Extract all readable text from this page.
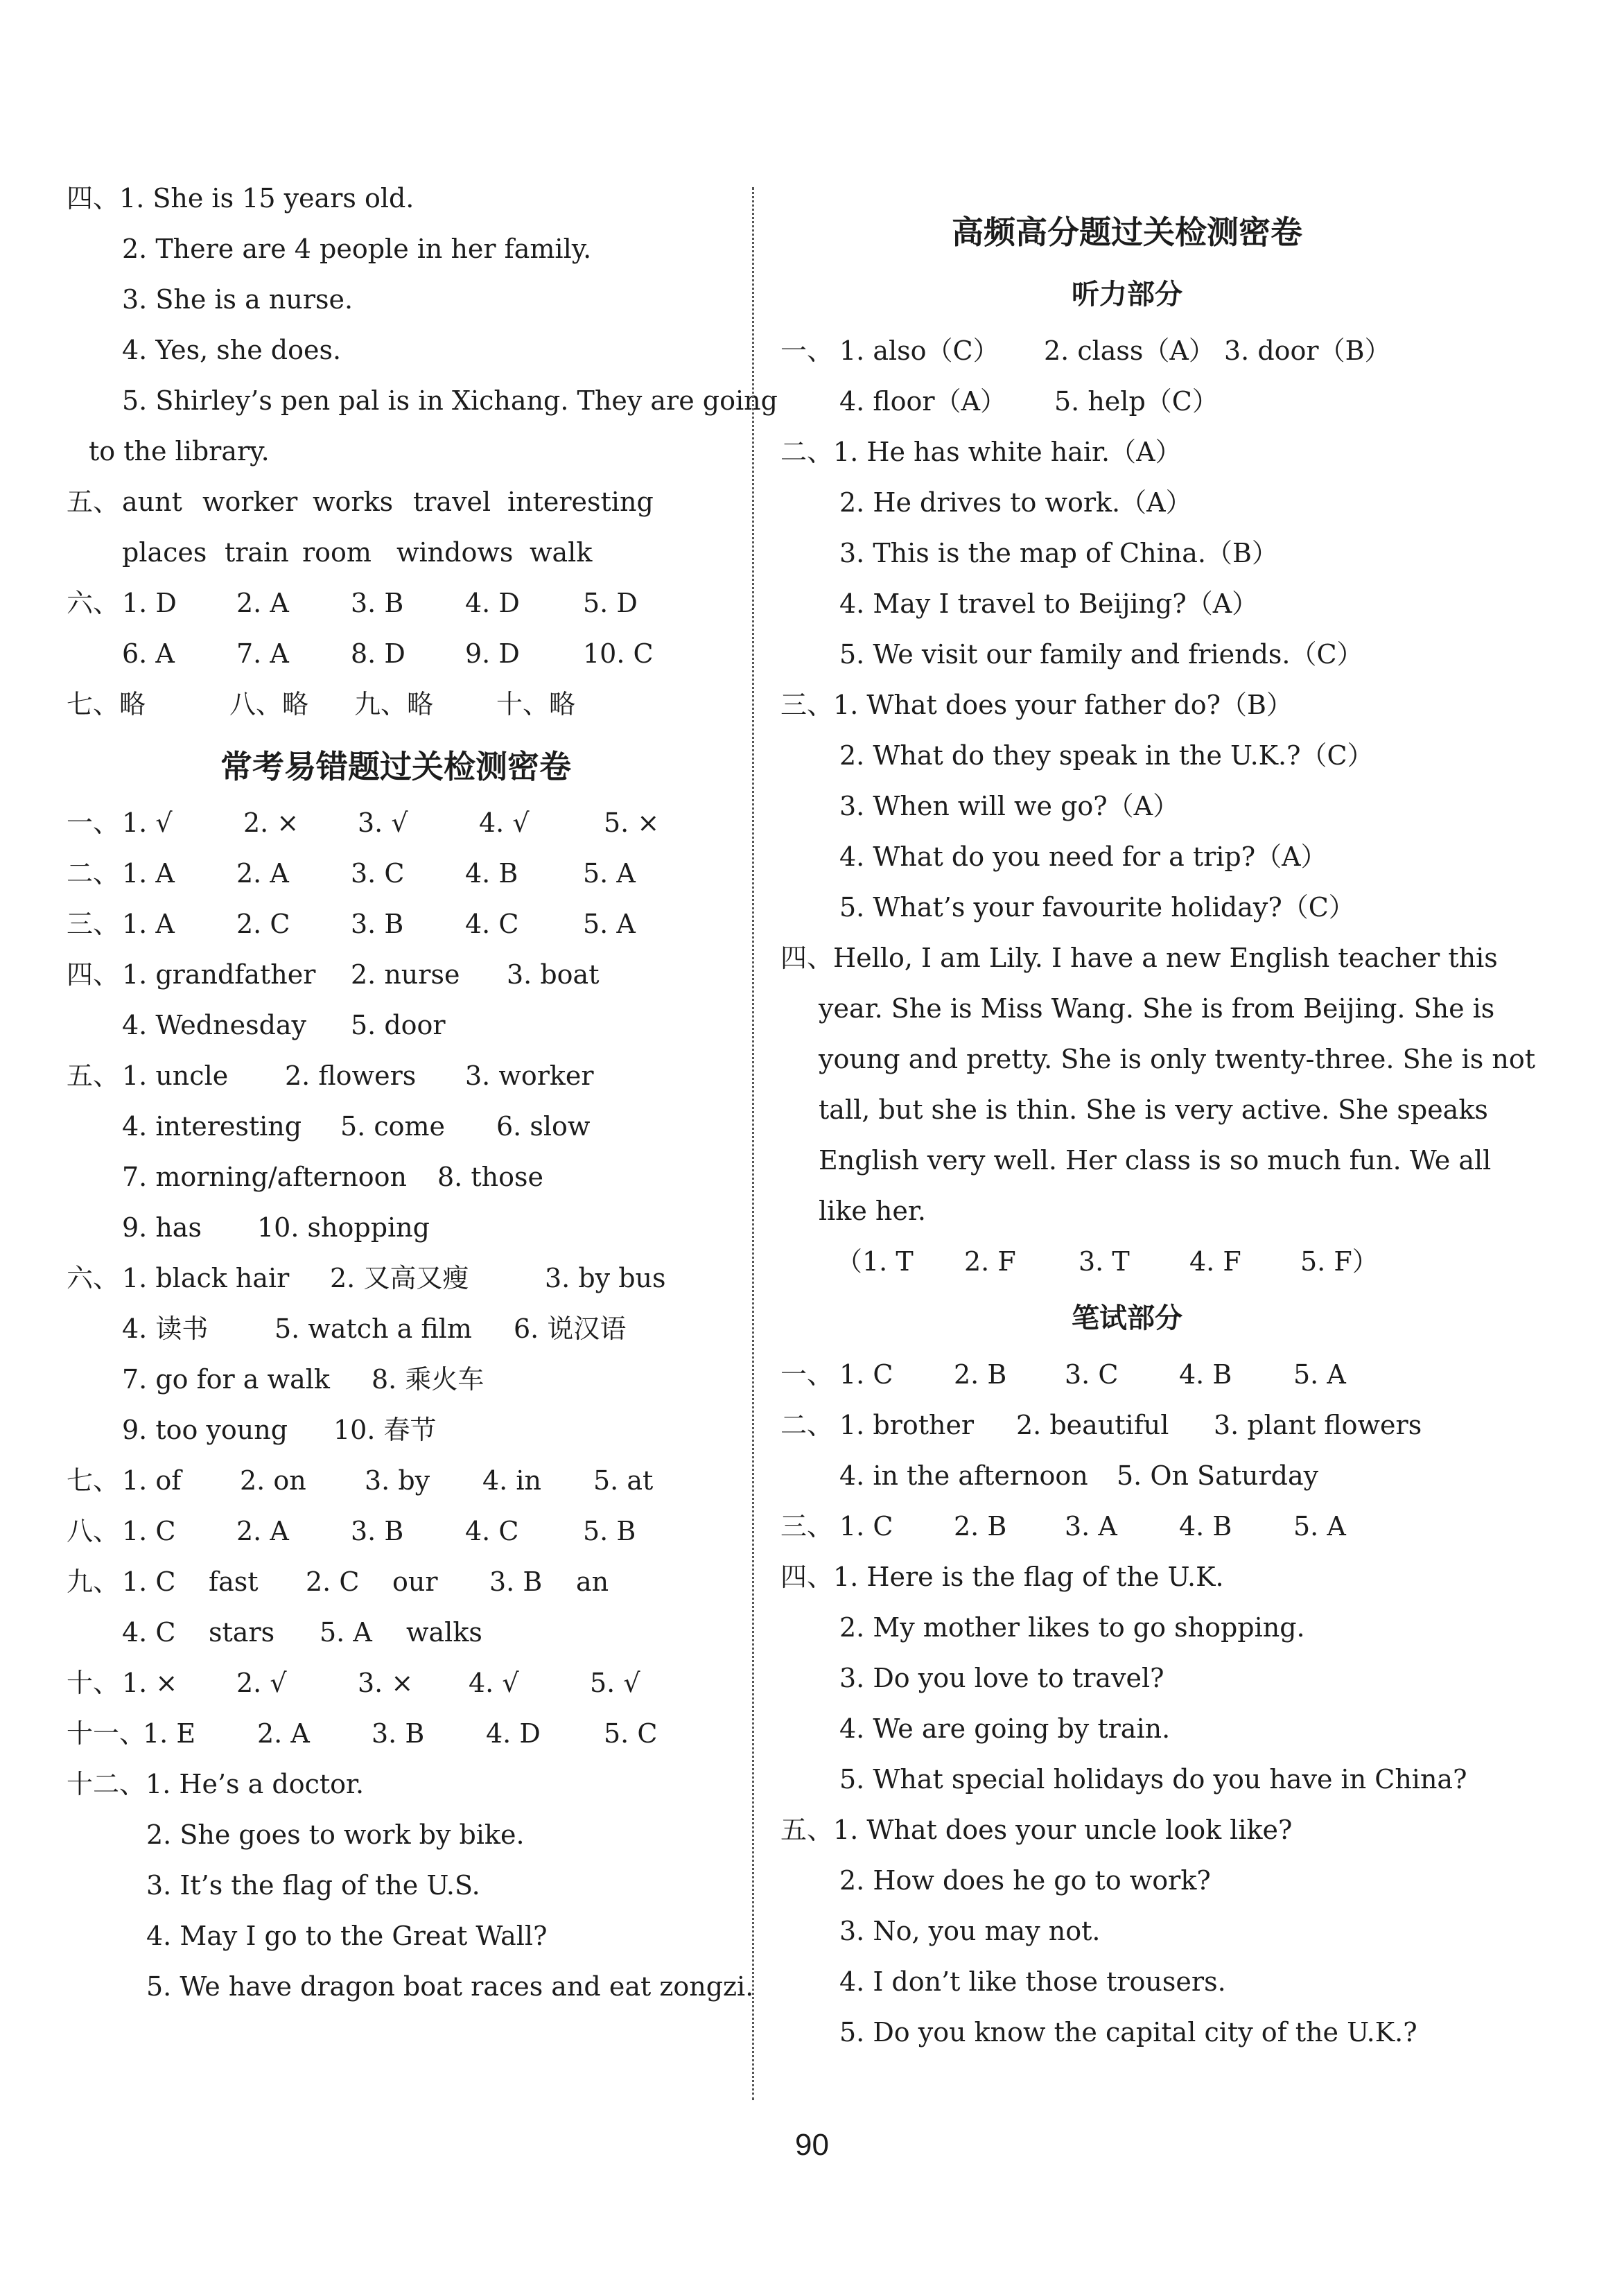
四、1. She is 15 years old.
2. There are 4 people in her family.
3. She is a nurse.
4. Yes, she does.
5. Shirley’s pen pal is in Xichang. They are going
to the library.
五、 aunt worker works travel interesting
places train room windows walk
六、 1. D 2. A 3. B 4. D 5. D
6. A 7. A 8. D 9. D 10. C
七、略	八、略 九、略 十、略
常考易错题过关检测密卷
一、 1. √	2. × 3. √	4. √	5. ×
二、 1. A 2. A 3. C 4. B 5. A
三、 1. A 2. C 3. B 4. C 5. A
四、 1. grandfather 2. nurse 3. boat
4. Wednesday 5. door
五、 1. uncle 2. flowers 3. worker
4. interesting 5. come 6. slow
7. morning/afternoon 8. those
9. has 10. shopping
六、 1. black hair 2. 又高又瘦	3. by bus
4. 读书	5. watch a film 6. 说汉语
7. go for a walk 8. 乘火车
9. too young 10. 春节
七、 1. of 2. on 3. by 4. in 5. at
八、 1. C 2. A 3. B 4. C 5. B
九、 1. C fast 2. C our 3. B an
4. C stars 5. A walks
十、 1. × 2. √	3. × 4. √	5. √
十一、
1. E 2. A 3. B 4. D 5. C
十二、1. He’s a doctor.
2. She goes to work by bike.
3. It’s the flag of the U.S.
4. May I go to the Great Wall?
5. We have dragon boat races and eat zongzi.
高频高分题过关检测密卷
听力部分
一、 1. also（C） 2. class（A） 3. door（B）
4. floor（A） 5. help（C）
二、1. He has white hair.（A）
2. He drives to work.（A）
3. This is the map of China.（B）
4. May I travel to Beijing?（A）
5. We visit our family and friends.（C）
三、1. What does your father do?（B）
2. What do they speak in the U.K.?（C）
3. When will we go?（A）
4. What do you need for a trip?（A）
5. What’s your favourite holiday?（C）
四、Hello, I am Lily. I have a new English teacher this
year. She is Miss Wang. She is from Beijing. She is
young and pretty. She is only twenty-three. She is not
tall, but she is thin. She is very active. She speaks
English very well. Her class is so much fun. We all
like her.
（1. T 2. F 3. T 4. F 5. F）
笔试部分
一、 1. C 2. B 3. C 4. B 5. A
二、 1. brother 2. beautiful 3. plant flowers
4. in the afternoon 5. On Saturday
三、 1. C 2. B 3. A 4. B 5. A
四、1. Here is the flag of the U.K.
2. My mother likes to go shopping.
3. Do you love to travel?
4. We are going by train.
5. What special holidays do you have in China?
五、1. What does your uncle look like?
2. How does he go to work?
3. No, you may not.
4. I don’t like those trousers.
5. Do you know the capital city of the U.K.?
90
